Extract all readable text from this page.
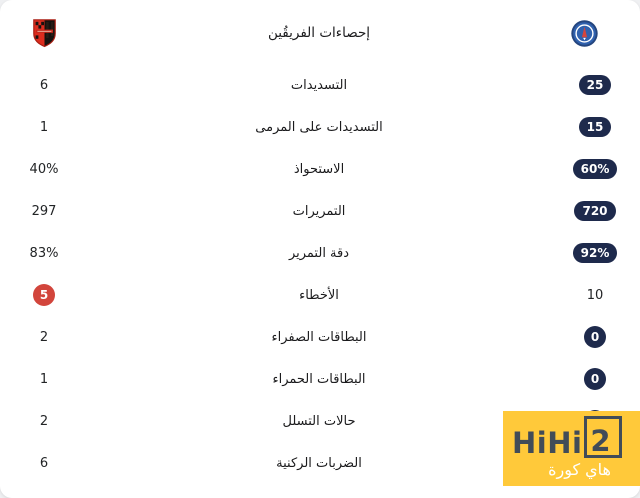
إحصاءات الفريقُين
25
التسديدات
6
15
التسديدات على المرمى
1
60%
الاستحواذ
40%
720
التمريرات
297
92%
دقة التمرير
83%
10
الأخطاء
5
0
البطاقات الصفراء
2
0
البطاقات الحمراء
1
حالات التسلل
2
الضربات الركنية
6
HiHi 2
هاي كورة
